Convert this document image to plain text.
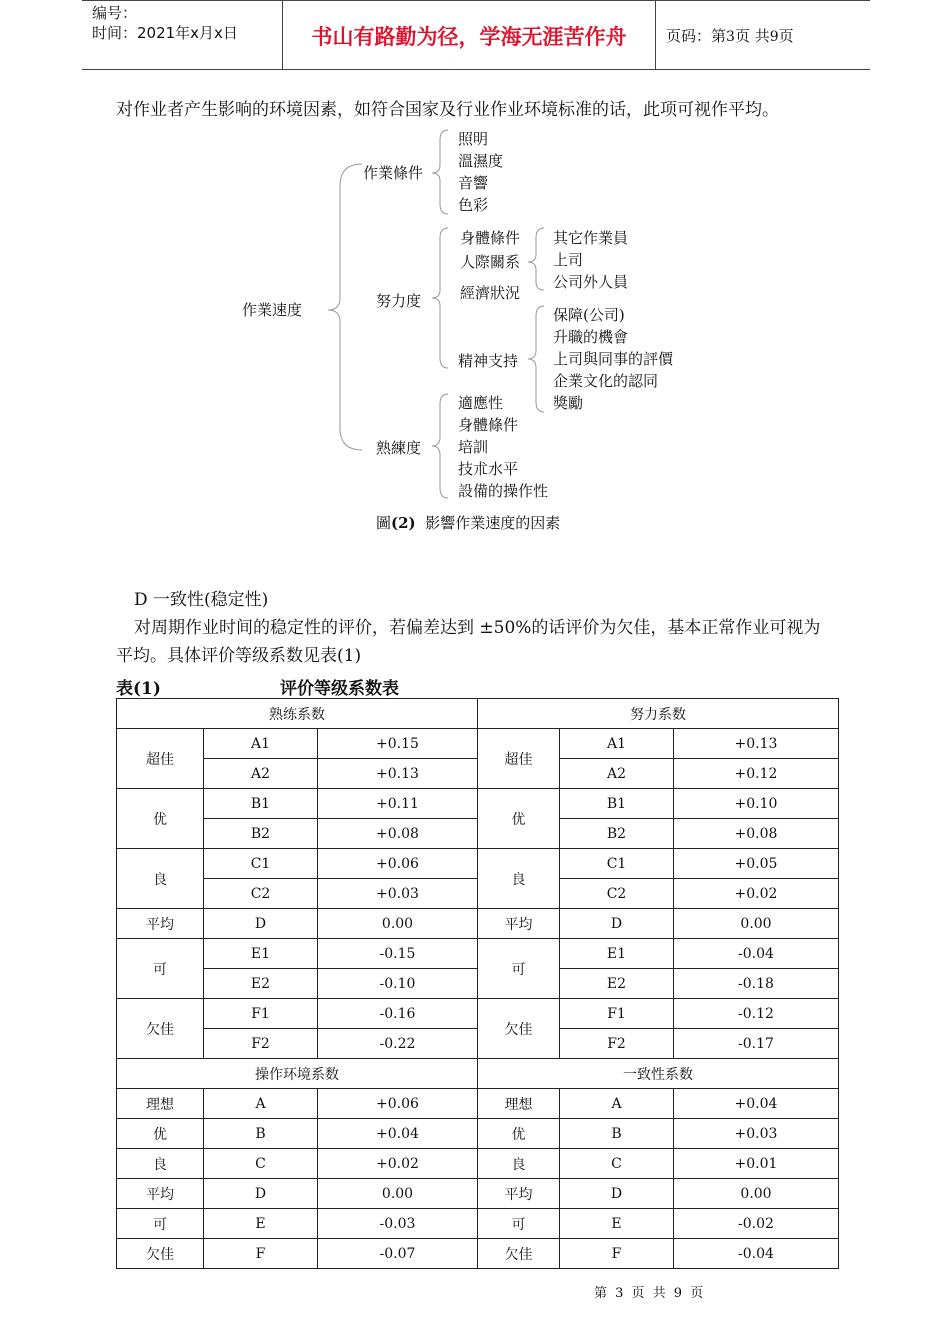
编号：
时间：2021年x月x日	书山有路勤为径，学海无涯苦作舟	页码：第3页 共9页

对作业者产生影响的环境因素，如符合国家及行业作业环境标准的话，此项可视作平均。

作業速度
作業條件
照明
溫濕度
音響
色彩
努力度
身體條件
人際關系
其它作業員
上司
公司外人員
經濟狀況
精神支持
保障(公司)
升職的機會
上司與同事的評價
企業文化的認同
獎勵
熟練度
適應性
身體條件
培訓
技朮水平
設備的操作性
圖(2) 影響作業速度的因素

D 一致性(稳定性)

对周期作业时间的稳定性的评价，若偏差达到 ±50%的话评价为欠佳，基本正常作业可视为平均。具体评价等级系数见表(1)

表(1)	评价等级系数表
熟练系数			努力系数		
超佳	A1	+0.15	超佳	A1	+0.13
	A2	+0.13		A2	+0.12
优	B1	+0.11	优	B1	+0.10
	B2	+0.08		B2	+0.08
良	C1	+0.06	良	C1	+0.05
	C2	+0.03		C2	+0.02
平均	D	0.00	平均	D	0.00
可	E1	-0.15	可	E1	-0.04
	E2	-0.10		E2	-0.18
欠佳	F1	-0.16	欠佳	F1	-0.12
	F2	-0.22		F2	-0.17
操作环境系数			一致性系数		
理想	A	+0.06	理想	A	+0.04
优	B	+0.04	优	B	+0.03
良	C	+0.02	良	C	+0.01
平均	D	0.00	平均	D	0.00
可	E	-0.03	可	E	-0.02
欠佳	F	-0.07	欠佳	F	-0.04
第 3 页 共 9 页
